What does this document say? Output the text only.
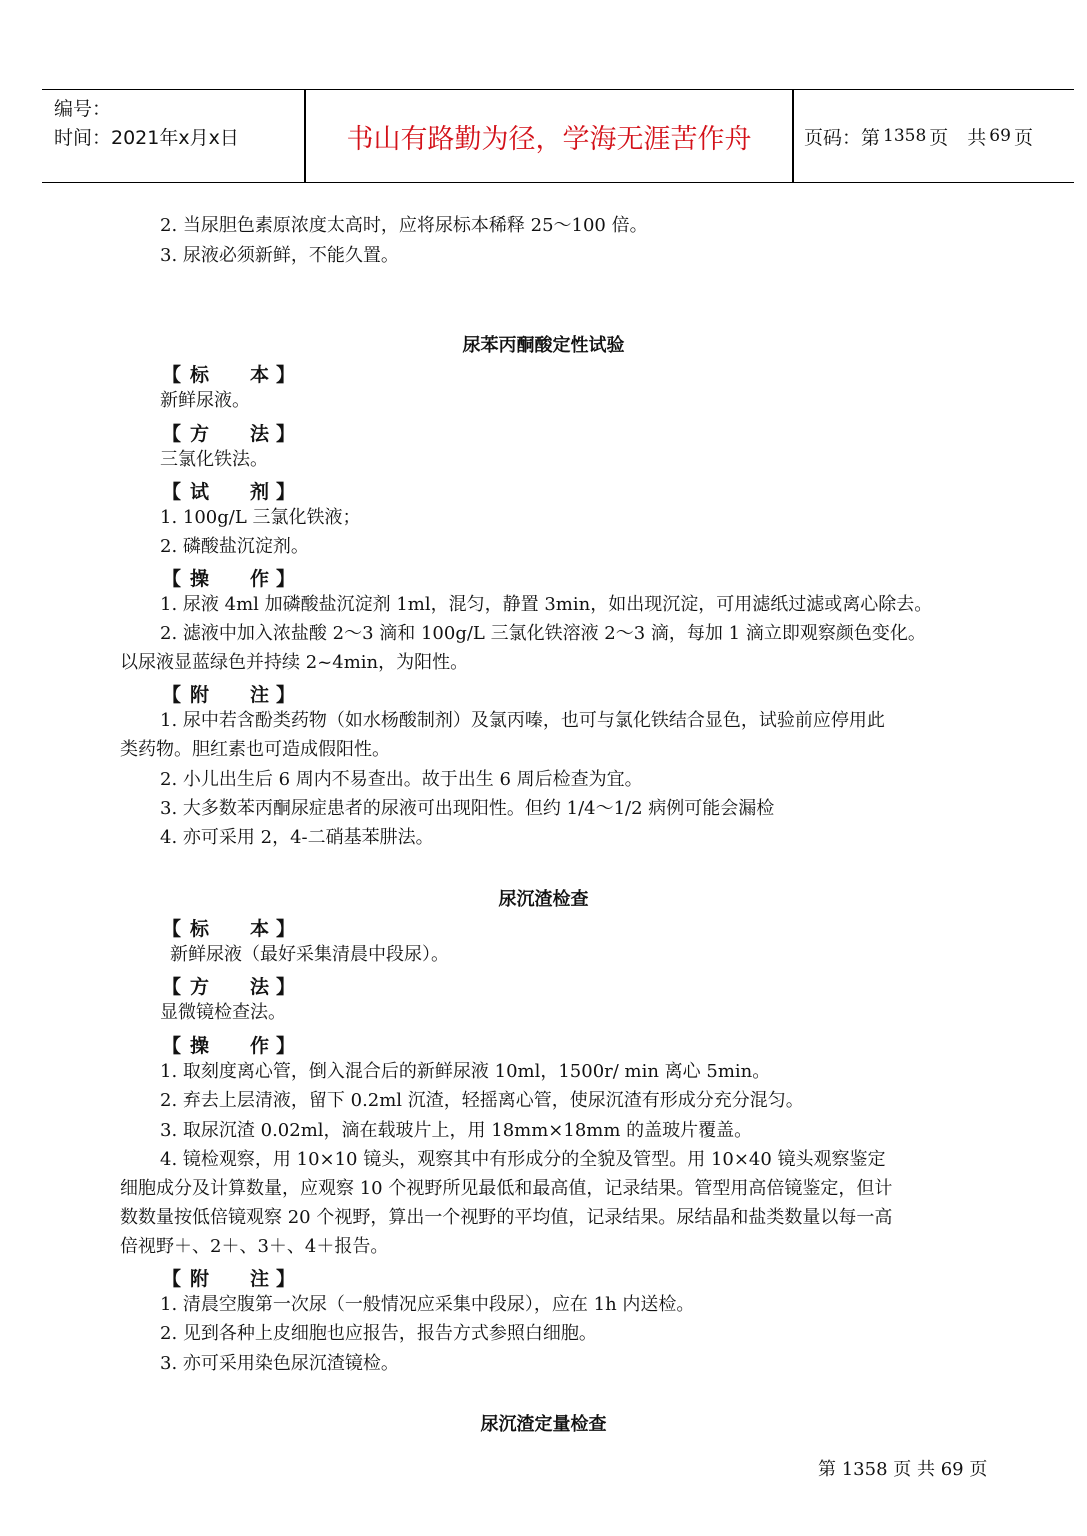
编号：
时间：2021年x月x日	书山有路勤为径，学海无涯苦作舟	页码：第 1358 页　共 69 页
2. 当尿胆色素原浓度太高时，应将尿标本稀释 25～100 倍。
3. 尿液必须新鲜，不能久置。
尿苯丙酮酸定性试验
【 标	本 】
新鲜尿液。
【 方	法 】
三氯化铁法。
【 试	剂 】
1. 100g/L 三氯化铁液；
2. 磷酸盐沉淀剂。
【 操	作 】
1. 尿液 4ml 加磷酸盐沉淀剂 1ml，混匀，静置 3min，如出现沉淀，可用滤纸过滤或离心除去。
2. 滤液中加入浓盐酸 2～3 滴和 100g/L 三氯化铁溶液 2～3 滴，每加 1 滴立即观察颜色变化。
以尿液显蓝绿色并持续 2~4min，为阳性。
【 附	注 】
1. 尿中若含酚类药物（如水杨酸制剂）及氯丙嗪，也可与氯化铁结合显色，试验前应停用此
类药物。胆红素也可造成假阳性。
2. 小儿出生后 6 周内不易查出。故于出生 6 周后检查为宜。
3. 大多数苯丙酮尿症患者的尿液可出现阳性。但约 1/4～1/2 病例可能会漏检
4. 亦可采用 2，4-二硝基苯肼法。
尿沉渣检查
【 标	本 】
新鲜尿液（最好采集清晨中段尿）。
【 方	法 】
显微镜检查法。
【 操	作 】
1. 取刻度离心管，倒入混合后的新鲜尿液 10ml，1500r/ min 离心 5min。
2. 弃去上层清液，留下 0.2ml 沉渣，轻摇离心管，使尿沉渣有形成分充分混匀。
3. 取尿沉渣 0.02ml，滴在载玻片上，用 18mm×18mm 的盖玻片覆盖。
4. 镜检观察，用 10×10 镜头，观察其中有形成分的全貌及管型。用 10×40 镜头观察鉴定
细胞成分及计算数量，应观察 10 个视野所见最低和最高值，记录结果。管型用高倍镜鉴定，但计
数数量按低倍镜观察 20 个视野，算出一个视野的平均值，记录结果。尿结晶和盐类数量以每一高
倍视野＋、2＋、3＋、4＋报告。
【 附	注 】
1. 清晨空腹第一次尿（一般情况应采集中段尿），应在 1h 内送检。
2. 见到各种上皮细胞也应报告，报告方式参照白细胞。
3. 亦可采用染色尿沉渣镜检。
尿沉渣定量检查
第 1358 页 共 69 页
